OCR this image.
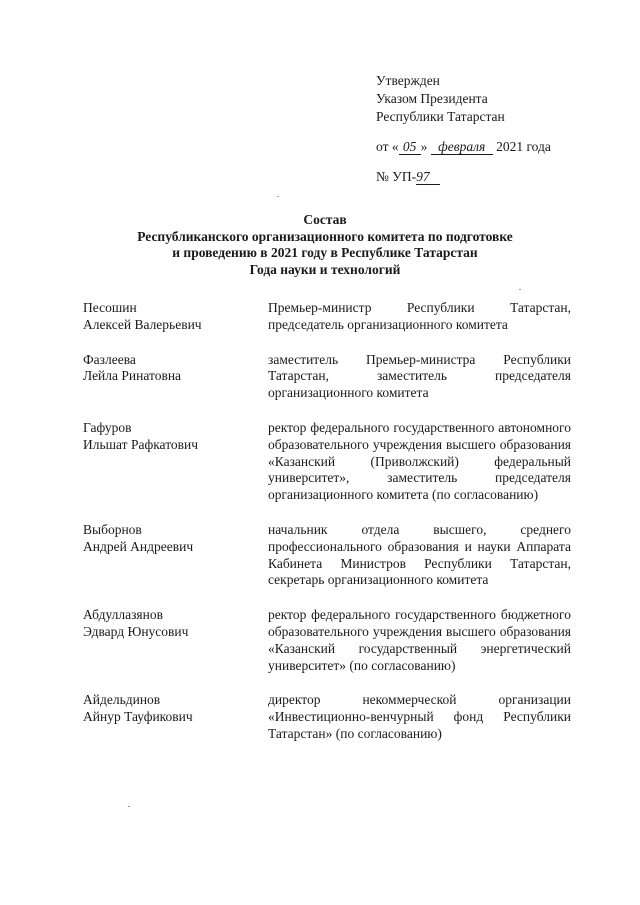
Утвержден
Указом Президента
Республики Татарстан
от « 05 » февраля 2021 года
№ УП-97
Состав
Республиканского организационного комитета по подготовке
и проведению в 2021 году в Республике Татарстан
Года науки и технологий
Песошин
Алексей Валерьевич
Премьер-министр Республики Татарстан, председатель организационного комитета
Фазлеева
Лейла Ринатовна
заместитель Премьер-министра Республики Татарстан, заместитель председателя организационного комитета
Гафуров
Ильшат Рафкатович
ректор федерального государственного автономного образовательного учреждения высшего образования «Казанский (Приволжский) федеральный университет», заместитель председателя организационного комитета (по согласованию)
Выборнов
Андрей Андреевич
начальник отдела высшего, среднего профессионального образования и науки Аппарата Кабинета Министров Республики Татарстан, секретарь организационного комитета
Абдуллазянов
Эдвард Юнусович
ректор федерального государственного бюджетного образовательного учреждения высшего образования «Казанский государственный энергетический университет» (по согласованию)
Айдельдинов
Айнур Тауфикович
директор некоммерческой организации «Инвестиционно-венчурный фонд Республики Татарстан» (по согласованию)
